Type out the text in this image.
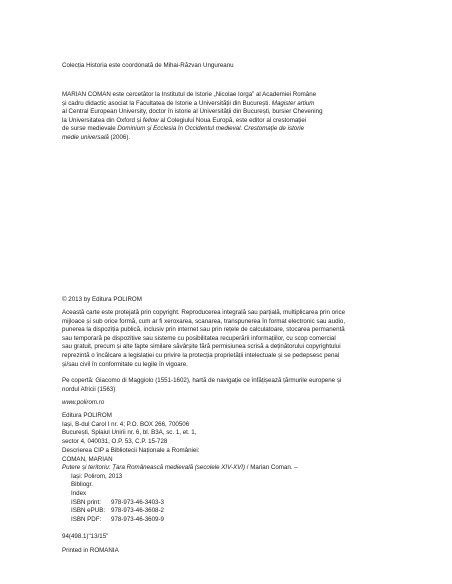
Colecția Historia este coordonată de Mihai-Răzvan Ungureanu

MARIAN COMAN este cercetător la Institutul de Istorie „Nicolae Iorga” al Academiei Române
și cadru didactic asociat la Facultatea de Istorie a Universității din București. Magister artium
al Central European University, doctor în istorie al Universității din București, bursier Chevening
la Universitatea din Oxford și fellow al Colegiului Noua Europă, este editor al crestomației
de surse medievale Dominium și Ecclesia în Occidentul medieval. Crestomație de istorie
medie universală (2006).

© 2013 by Editura POLIROM

Această carte este protejată prin copyright. Reproducerea integrală sau parțială, multiplicarea prin orice
mijloace și sub orice formă, cum ar fi xeroxarea, scanarea, transpunerea în format electronic sau audio,
punerea la dispoziția publică, inclusiv prin internet sau prin rețele de calculatoare, stocarea permanentă
sau temporară pe dispozitive sau sisteme cu posibilitatea recuperării informațiilor, cu scop comercial
sau gratuit, precum și alte fapte similare săvârșite fără permisiunea scrisă a deținătorului copyrightului
reprezintă o încălcare a legislației cu privire la protecția proprietății intelectuale și se pedepsesc penal
și/sau civil în conformitate cu legile în vigoare.

Pe copertă: Giacomo di Maggiolo (1551-1602), hartă de navigație ce înfățișează țărmurile europene și
nordul Africii (1563)

www.polirom.ro

Editura POLIROM
Iași, B-dul Carol I nr. 4; P.O. BOX 266, 700506
București, Splaiul Unirii nr. 6, bl. B3A, sc. 1, et. 1,
sector 4, 040031, O.P. 53, C.P. 15-728

Descrierea CIP a Bibliotecii Naționale a României:
COMAN, MARIAN
Putere și teritoriu: Țara Românească medievală (secolele XIV-XVI) / Marian Coman. –
Iași: Polirom, 2013
Bibliogr.
Index
ISBN print: 978-973-46-3403-3
ISBN ePUB: 978-973-46-3608-2
ISBN PDF: 978-973-46-3609-9

94(498.1)"13/15"

Printed in ROMANIA
